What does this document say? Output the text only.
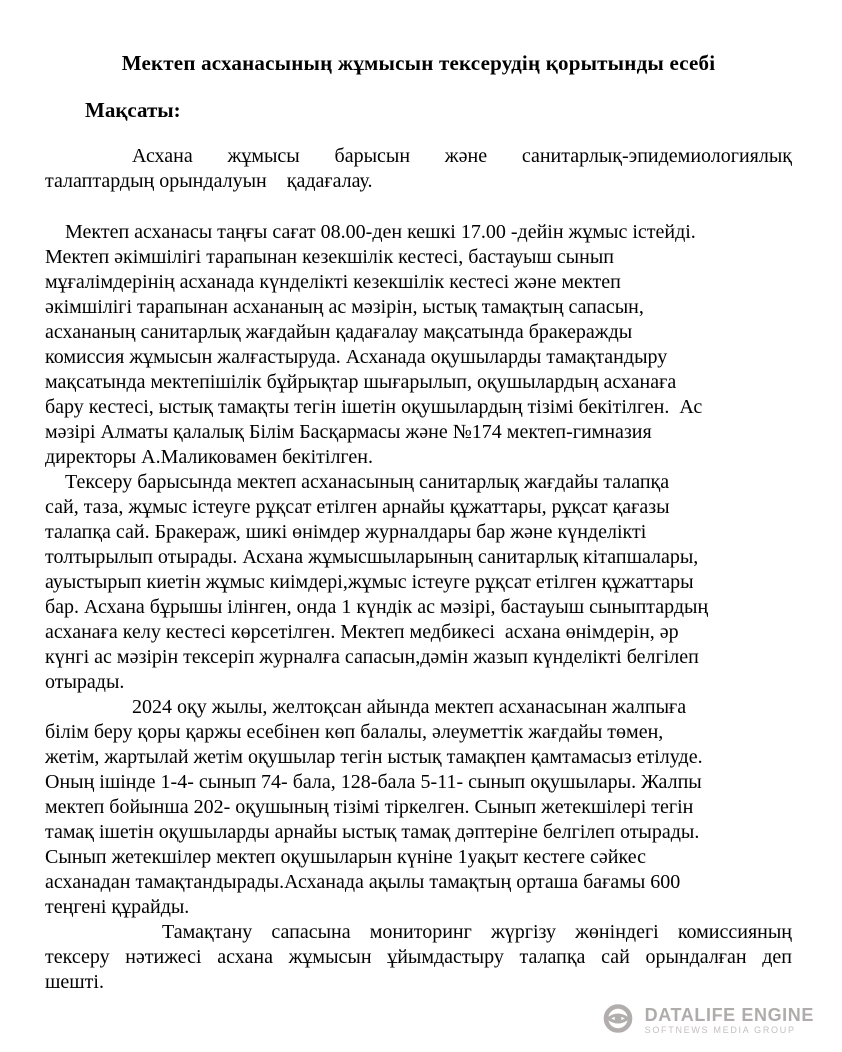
Мектеп асханасының жұмысын тексерудің қорытынды есебі
Мақсаты:
Асхана жұмысы барысын және санитарлық-эпидемиологиялық
талаптардың орындалуын    қадағалау.
Мектеп асханасы таңғы сағат 08.00-ден кешкі 17.00 -дейін жұмыс істейді.
Мектеп әкімшілігі тарапынан кезекшілік кестесі, бастауыш сынып
мұғалімдерінің асханада күнделікті кезекшілік кестесі және мектеп
әкімшілігі тарапынан асхананың ас мәзірін, ыстық тамақтың сапасын,
асхананың санитарлық жағдайын қадағалау мақсатында бракеражды
комиссия жұмысын жалғастыруда. Асханада оқушыларды тамақтандыру
мақсатында мектепішілік бұйрықтар шығарылып, оқушылардың асханаға
бару кестесі, ыстық тамақты тегін ішетін оқушылардың тізімі бекітілген.  Ас
мәзірі Алматы қалалық Білім Басқармасы және №174 мектеп-гимназия
директоры А.Маликовамен бекітілген.
Тексеру барысында мектеп асханасының санитарлық жағдайы талапқа
сай, таза, жұмыс істеуге рұқсат етілген арнайы құжаттары, рұқсат қағазы
талапқа сай. Бракераж, шикі өнімдер журналдары бар және күнделікті
толтырылып отырады. Асхана жұмысшыларының санитарлық кітапшалары,
ауыстырып киетін жұмыс киімдері,жұмыс істеуге рұқсат етілген құжаттары
бар. Асхана бұрышы ілінген, онда 1 күндік ас мәзірі, бастауыш сыныптардың
асханаға келу кестесі көрсетілген. Мектеп медбикесі  асхана өнімдерін, әр
күнгі ас мәзірін тексеріп журналға сапасын,дәмін жазып күнделікті белгілеп
отырады.
2024 оқу жылы, желтоқсан айында мектеп асханасынан жалпыға
білім беру қоры қаржы есебінен көп балалы, әлеуметтік жағдайы төмен,
жетім, жартылай жетім оқушылар тегін ыстық тамақпен қамтамасыз етілуде.
Оның ішінде 1-4- сынып 74- бала, 128-бала 5-11- сынып оқушылары. Жалпы
мектеп бойынша 202- оқушының тізімі тіркелген. Сынып жетекшілері тегін
тамақ ішетін оқушыларды арнайы ыстық тамақ дәптеріне белгілеп отырады.
Сынып жетекшілер мектеп оқушыларын күніне 1уақыт кестеге сәйкес
асханадан тамақтандырады.Асханада ақылы тамақтың орташа бағамы 600
теңгені құрайды.
Тамақтану сапасына мониторинг жүргізу жөніндегі комиссияның
тексеру нәтижесі асхана жұмысын ұйымдастыру талапқа сай орындалған деп
шешті.
DATALIFE ENGINE
SOFTNEWS MEDIA GROUP
